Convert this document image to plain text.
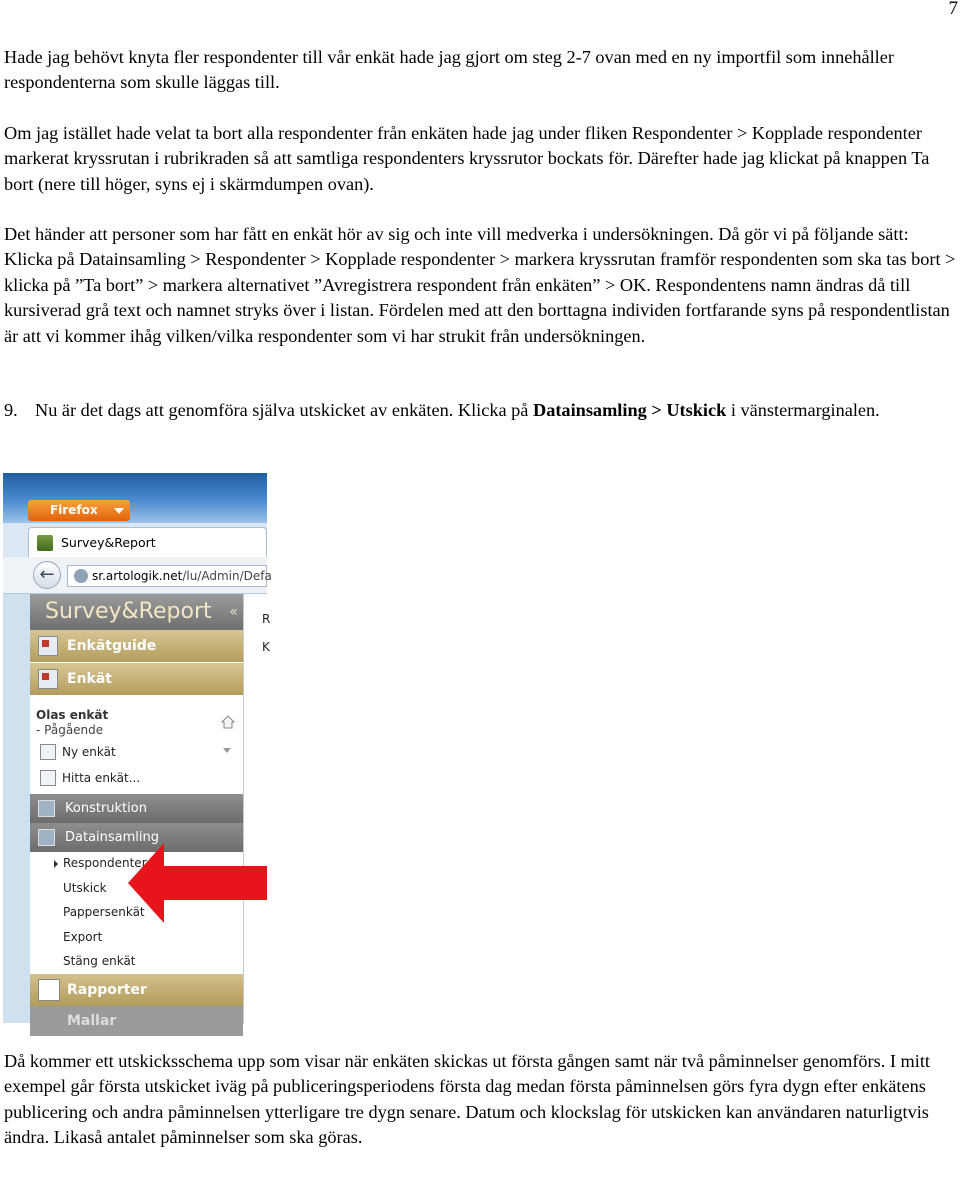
7

Hade jag behövt knyta fler respondenter till vår enkät hade jag gjort om steg 2-7 ovan med en ny importfil som innehåller respondenterna som skulle läggas till.

Om jag istället hade velat ta bort alla respondenter från enkäten hade jag under fliken Respondenter > Kopplade respondenter markerat kryssrutan i rubrikraden så att samtliga respondenters kryssrutor bockats för. Därefter hade jag klickat på knappen Ta bort (nere till höger, syns ej i skärmdumpen ovan).

Det händer att personer som har fått en enkät hör av sig och inte vill medverka i undersökningen. Då gör vi på följande sätt: Klicka på Datainsamling > Respondenter > Kopplade respondenter > markera kryssrutan framför respondenten som ska tas bort > klicka på ”Ta bort” > markera alternativet ”Avregistrera respondent från enkäten” > OK. Respondentens namn ändras då till kursiverad grå text och namnet stryks över i listan. Fördelen med att den borttagna individen fortfarande syns på respondentlistan är att vi kommer ihåg vilken/vilka respondenter som vi har strukit från undersökningen.

9. Nu är det dags att genomföra själva utskicket av enkäten. Klicka på Datainsamling > Utskick i vänstermarginalen.
Firefox
Survey&Report
←	sr.artologik.net/lu/Admin/Defa
Survey&Report «
Enkätguide
Enkät
Olas enkät
- Pågående
Ny enkät
Hitta enkät...
Konstruktion
Datainsamling
Respondenter
Utskick
Pappersenkät
Export
Stäng enkät
Rapporter
Mallar
R
K

Då kommer ett utskicksschema upp som visar när enkäten skickas ut första gången samt när två påminnelser genomförs. I mitt exempel går första utskicket iväg på publiceringsperiodens första dag medan första påminnelsen görs fyra dygn efter enkätens publicering och andra påminnelsen ytterligare tre dygn senare. Datum och klockslag för utskicken kan användaren naturligtvis ändra. Likaså antalet påminnelser som ska göras.
